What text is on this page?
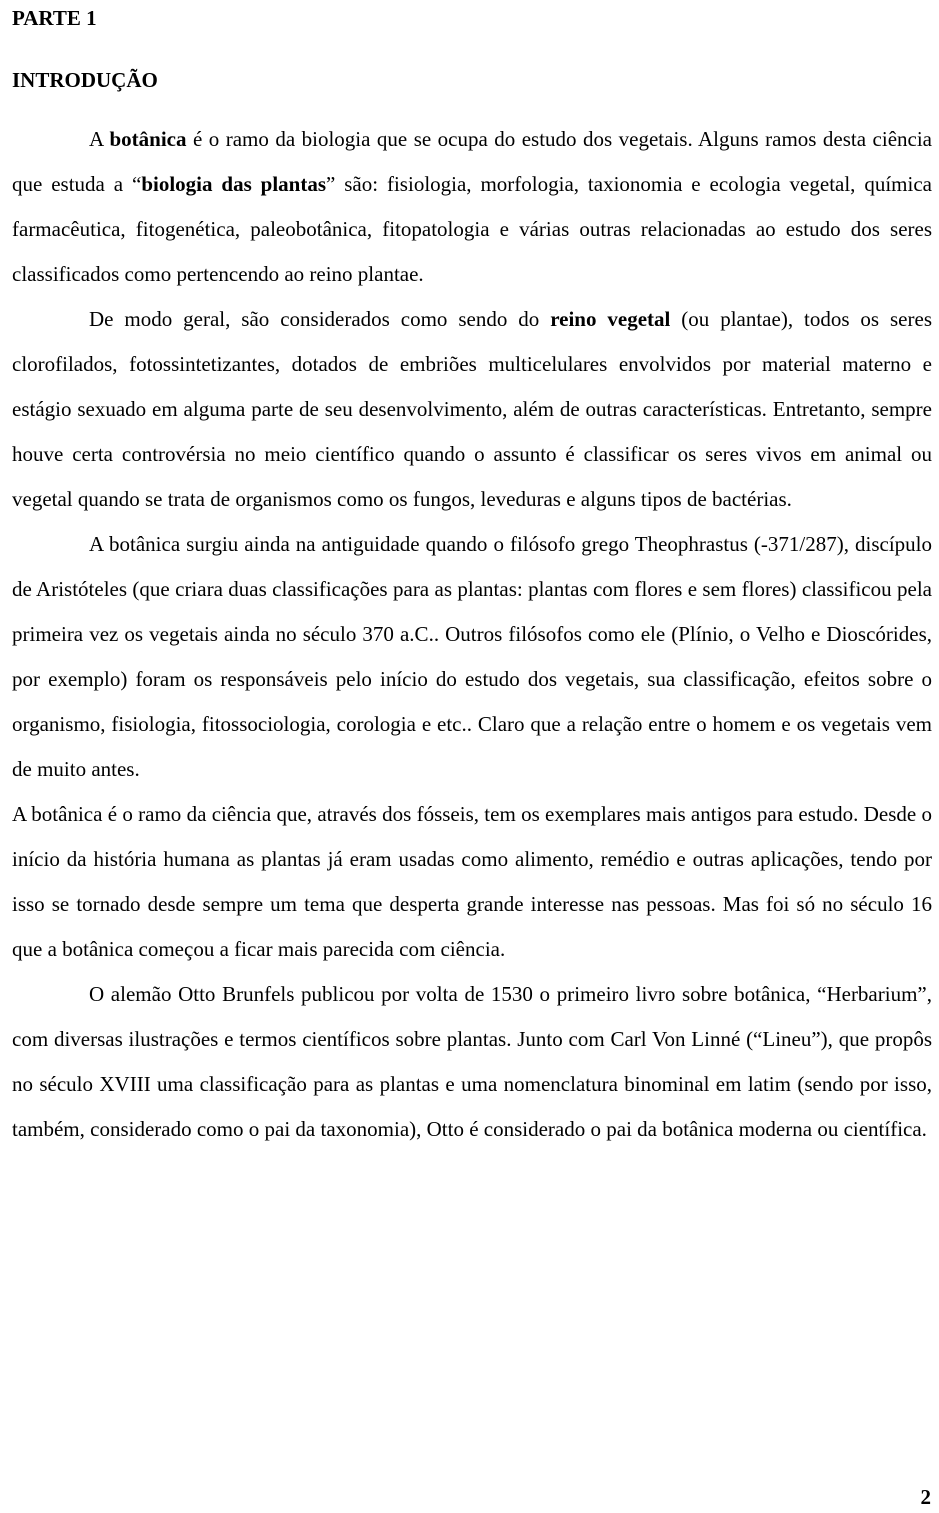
PARTE 1
INTRODUÇÃO

A botânica é o ramo da biologia que se ocupa do estudo dos vegetais. Alguns ramos desta ciência que estuda a “biologia das plantas” são: fisiologia, morfologia, taxionomia e ecologia vegetal, química farmacêutica, fitogenética, paleobotânica, fitopatologia e várias outras relacionadas ao estudo dos seres classificados como pertencendo ao reino plantae.

De modo geral, são considerados como sendo do reino vegetal (ou plantae), todos os seres clorofilados, fotossintetizantes, dotados de embriões multicelulares envolvidos por material materno e estágio sexuado em alguma parte de seu desenvolvimento, além de outras características. Entretanto, sempre houve certa controvérsia no meio científico quando o assunto é classificar os seres vivos em animal ou vegetal quando se trata de organismos como os fungos, leveduras e alguns tipos de bactérias.

A botânica surgiu ainda na antiguidade quando o filósofo grego Theophrastus (-371/287), discípulo de Aristóteles (que criara duas classificações para as plantas: plantas com flores e sem flores) classificou pela primeira vez os vegetais ainda no século 370 a.C.. Outros filósofos como ele (Plínio, o Velho e Dioscórides, por exemplo) foram os responsáveis pelo início do estudo dos vegetais, sua classificação, efeitos sobre o organismo, fisiologia, fitossociologia, corologia e etc.. Claro que a relação entre o homem e os vegetais vem de muito antes.

A botânica é o ramo da ciência que, através dos fósseis, tem os exemplares mais antigos para estudo. Desde o início da história humana as plantas já eram usadas como alimento, remédio e outras aplicações, tendo por isso se tornado desde sempre um tema que desperta grande interesse nas pessoas. Mas foi só no século 16 que a botânica começou a ficar mais parecida com ciência.

O alemão Otto Brunfels publicou por volta de 1530 o primeiro livro sobre botânica, “Herbarium”, com diversas ilustrações e termos científicos sobre plantas. Junto com Carl Von Linné (“Lineu”), que propôs no século XVIII uma classificação para as plantas e uma nomenclatura binominal em latim (sendo por isso, também, considerado como o pai da taxonomia), Otto é considerado o pai da botânica moderna ou científica.

2
